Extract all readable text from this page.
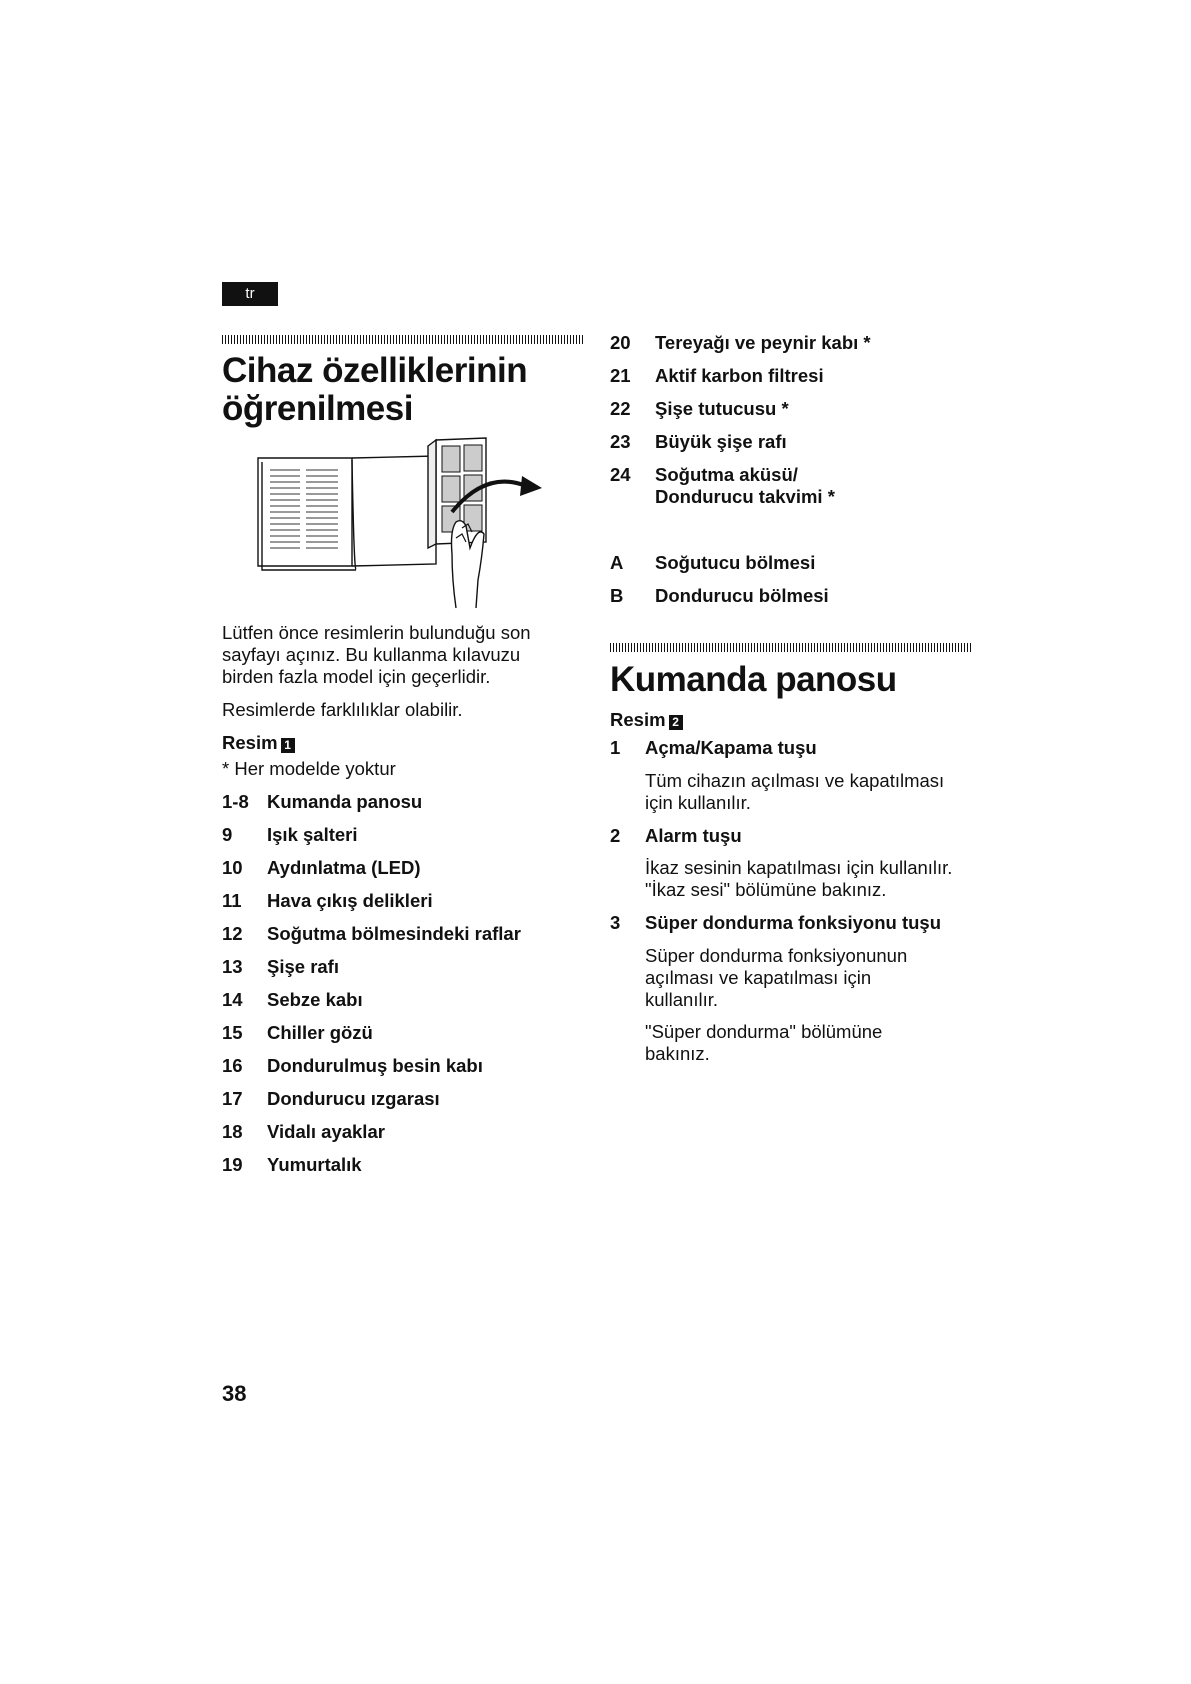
tr
Cihaz özelliklerinin
öğrenilmesi

Lütfen önce resimlerin bulunduğu son
sayfayı açınız. Bu kullanma kılavuzu
birden fazla model için geçerlidir.

Resimlerde farklılıklar olabilir.

Resim 1

* Her modelde yoktur

1-8 Kumanda panosu
9 Işık şalteri
10 Aydınlatma (LED)
11 Hava çıkış delikleri
12 Soğutma bölmesindeki raflar
13 Şişe rafı
14 Sebze kabı
15 Chiller gözü
16 Dondurulmuş besin kabı
17 Dondurucu ızgarası
18 Vidalı ayaklar
19 Yumurtalık
20 Tereyağı ve peynir kabı *
21 Aktif karbon filtresi
22 Şişe tutucusu *
23 Büyük şişe rafı
24 Soğutma aküsü/
Dondurucu takvimi *
A Soğutucu bölmesi
B Dondurucu bölmesi
Kumanda panosu
Resim 2
1 Açma/Kapama tuşu

Tüm cihazın açılması ve kapatılması
için kullanılır.

2 Alarm tuşu

İkaz sesinin kapatılması için kullanılır.
"İkaz sesi" bölümüne bakınız.

3 Süper dondurma fonksiyonu tuşu

Süper dondurma fonksiyonunun
açılması ve kapatılması için
kullanılır.

"Süper dondurma" bölümüne
bakınız.

38
